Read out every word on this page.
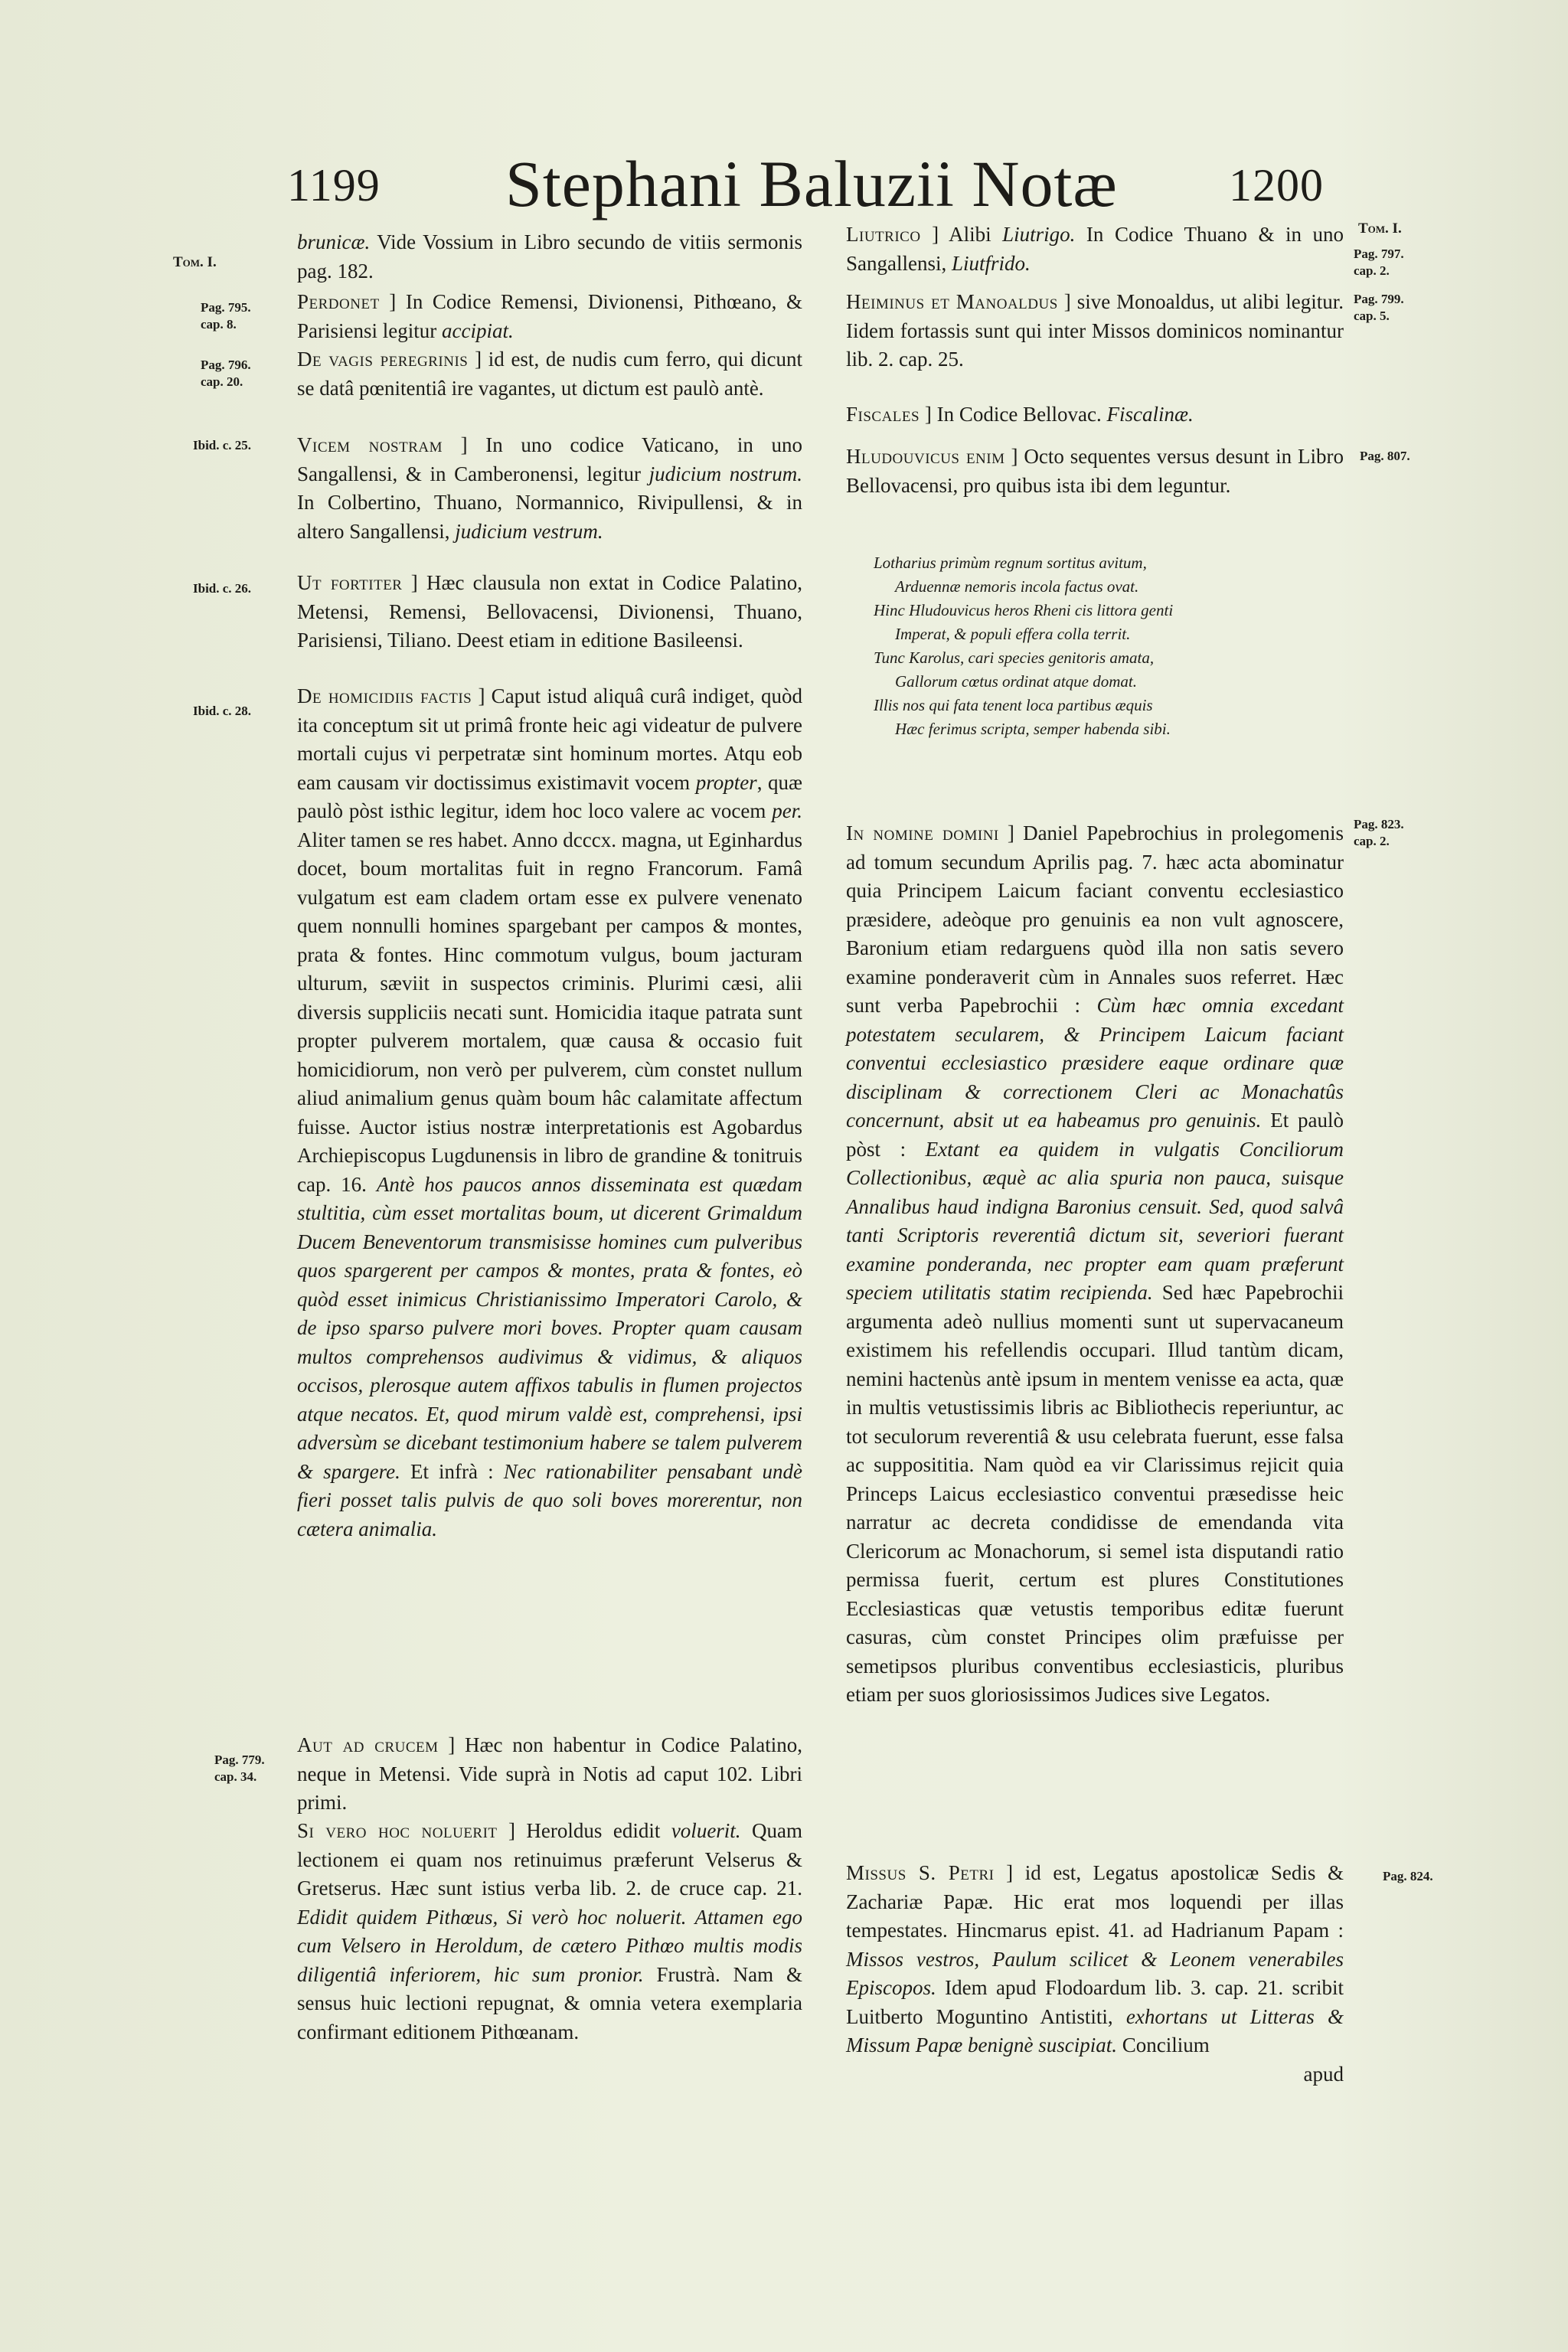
1199 Stephani Baluzii Notæ 1200
Tom. I.
Pag. 795.
cap. 8.
Pag. 796.
cap. 20.
Ibid. c. 25.
Ibid. c. 26.
Ibid. c. 28.
Pag. 779.
cap. 34.

brunicæ. Vide Vossium in Libro secundo de vitiis sermonis pag. 182.

Perdonet ] In Codice Remensi, Divionensi, Pithœano, & Parisiensi legitur accipiat.

De vagis peregrinis ] id est, de nudis cum ferro, qui dicunt se datâ pœnitentiâ ire vagantes, ut dictum est paulò antè.

Vicem nostram ] In uno codice Vaticano, in uno Sangallensi, & in Camberonensi, legitur judicium nostrum. In Colbertino, Thuano, Normannico, Rivipullensi, & in altero Sangallensi, judicium vestrum.

Ut fortiter ] Hæc clausula non extat in Codice Palatino, Metensi, Remensi, Bellovacensi, Divionensi, Thuano, Parisiensi, Tiliano. Deest etiam in editione Basileensi.

De homicidiis factis ] Caput istud aliquâ curâ indiget, quòd ita conceptum sit ut primâ fronte heic agi videatur de pulvere mortali cujus vi perpetratæ sint hominum mortes. Atqu eob eam causam vir doctissimus existimavit vocem propter, quæ paulò pòst isthic legitur, idem hoc loco valere ac vocem per. Aliter tamen se res habet. Anno dcccx. magna, ut Eginhardus docet, boum mortalitas fuit in regno Francorum. Famâ vulgatum est eam cladem ortam esse ex pulvere venenato quem nonnulli homines spargebant per campos & montes, prata & fontes. Hinc commotum vulgus, boum jacturam ulturum, sæviit in suspectos criminis. Plurimi cæsi, alii diversis suppliciis necati sunt. Homicidia itaque patrata sunt propter pulverem mortalem, quæ causa & occasio fuit homicidiorum, non verò per pulverem, cùm constet nullum aliud animalium genus quàm boum hâc calamitate affectum fuisse. Auctor istius nostræ interpretationis est Agobardus Archiepiscopus Lugdunensis in libro de grandine & tonitruis cap. 16. Antè hos paucos annos disseminata est quædam stultitia, cùm esset mortalitas boum, ut dicerent Grimaldum Ducem Beneventorum transmisisse homines cum pulveribus quos spargerent per campos & montes, prata & fontes, eò quòd esset inimicus Christianissimo Imperatori Carolo, & de ipso sparso pulvere mori boves. Propter quam causam multos comprehensos audivimus & vidimus, & aliquos occisos, plerosque autem affixos tabulis in flumen projectos atque necatos. Et, quod mirum valdè est, comprehensi, ipsi adversùm se dicebant testimonium habere se talem pulverem & spargere. Et infrà : Nec rationabiliter pensabant undè fieri posset talis pulvis de quo soli boves morerentur, non cætera animalia.

Aut ad crucem ] Hæc non habentur in Codice Palatino, neque in Metensi. Vide suprà in Notis ad caput 102. Libri primi.

Si vero hoc noluerit ] Heroldus edidit voluerit. Quam lectionem ei quam nos retinuimus præferunt Velserus & Gretserus. Hæc sunt istius verba lib. 2. de cruce cap. 21. Edidit quidem Pithœus, Si verò hoc noluerit. Attamen ego cum Velsero in Heroldum, de cætero Pithœo multis modis diligentiâ inferiorem, hic sum pronior. Frustrà. Nam & sensus huic lectioni repugnat, & omnia vetera exemplaria confirmant editionem Pithœanam.

Liutrico ] Alibi Liutrigo. In Codice Thuano & in uno Sangallensi, Liutfrido.

Heiminus et Manoaldus ] sive Monoaldus, ut alibi legitur. Iidem fortassis sunt qui inter Missos dominicos nominantur lib. 2. cap. 25.

Fiscales ] In Codice Bellovac. Fiscalinæ.

Hludouvicus enim ] Octo sequentes versus desunt in Libro Bellovacensi, pro quibus ista ibi dem leguntur.

Lotharius primùm regnum sortitus avitum,
Arduennæ nemoris incola factus ovat.
Hinc Hludouvicus heros Rheni cis littora genti
Imperat, & populi effera colla territ.
Tunc Karolus, cari species genitoris amata,
Gallorum cœtus ordinat atque domat.
Illis nos qui fata tenent loca partibus æquis
Hæc ferimus scripta, semper habenda sibi.

In nomine domini ] Daniel Papebrochius in prolegomenis ad tomum secundum Aprilis pag. 7. hæc acta abominatur quia Principem Laicum faciant conventu ecclesiastico præsidere, adeòque pro genuinis ea non vult agnoscere, Baronium etiam redarguens quòd illa non satis severo examine ponderaverit cùm in Annales suos referret. Hæc sunt verba Papebrochii : Cùm hæc omnia excedant potestatem secularem, & Principem Laicum faciant conventui ecclesiastico præsidere eaque ordinare quæ disciplinam & correctionem Cleri ac Monachatûs concernunt, absit ut ea habeamus pro genuinis. Et paulò pòst : Extant ea quidem in vulgatis Conciliorum Collectionibus, æquè ac alia spuria non pauca, suisque Annalibus haud indigna Baronius censuit. Sed, quod salvâ tanti Scriptoris reverentiâ dictum sit, severiori fuerant examine ponderanda, nec propter eam quam præferunt speciem utilitatis statim recipienda. Sed hæc Papebrochii argumenta adeò nullius momenti sunt ut supervacaneum existimem his refellendis occupari. Illud tantùm dicam, nemini hactenùs antè ipsum in mentem venisse ea acta, quæ in multis vetustissimis libris ac Bibliothecis reperiuntur, ac tot seculorum reverentiâ & usu celebrata fuerunt, esse falsa ac supposititia. Nam quòd ea vir Clarissimus rejicit quia Princeps Laicus ecclesiastico conventui præsedisse heic narratur ac decreta condidisse de emendanda vita Clericorum ac Monachorum, si semel ista disputandi ratio permissa fuerit, certum est plures Constitutiones Ecclesiasticas quæ vetustis temporibus editæ fuerunt casuras, cùm constet Principes olim præfuisse per semetipsos pluribus conventibus ecclesiasticis, pluribus etiam per suos gloriosissimos Judices sive Legatos.

Missus S. Petri ] id est, Legatus apostolicæ Sedis & Zachariæ Papæ. Hic erat mos loquendi per illas tempestates. Hincmarus epist. 41. ad Hadrianum Papam : Missos vestros, Paulum scilicet & Leonem venerabiles Episcopos. Idem apud Flodoardum lib. 3. cap. 21. scribit Luitberto Moguntino Antistiti, exhortans ut Litteras & Missum Papæ benignè suscipiat. Concilium

apud

Tom. I.
Pag. 797.
cap. 2.
Pag. 799.
cap. 5.
Pag. 807.
Pag. 823.
cap. 2.
Pag. 824.
